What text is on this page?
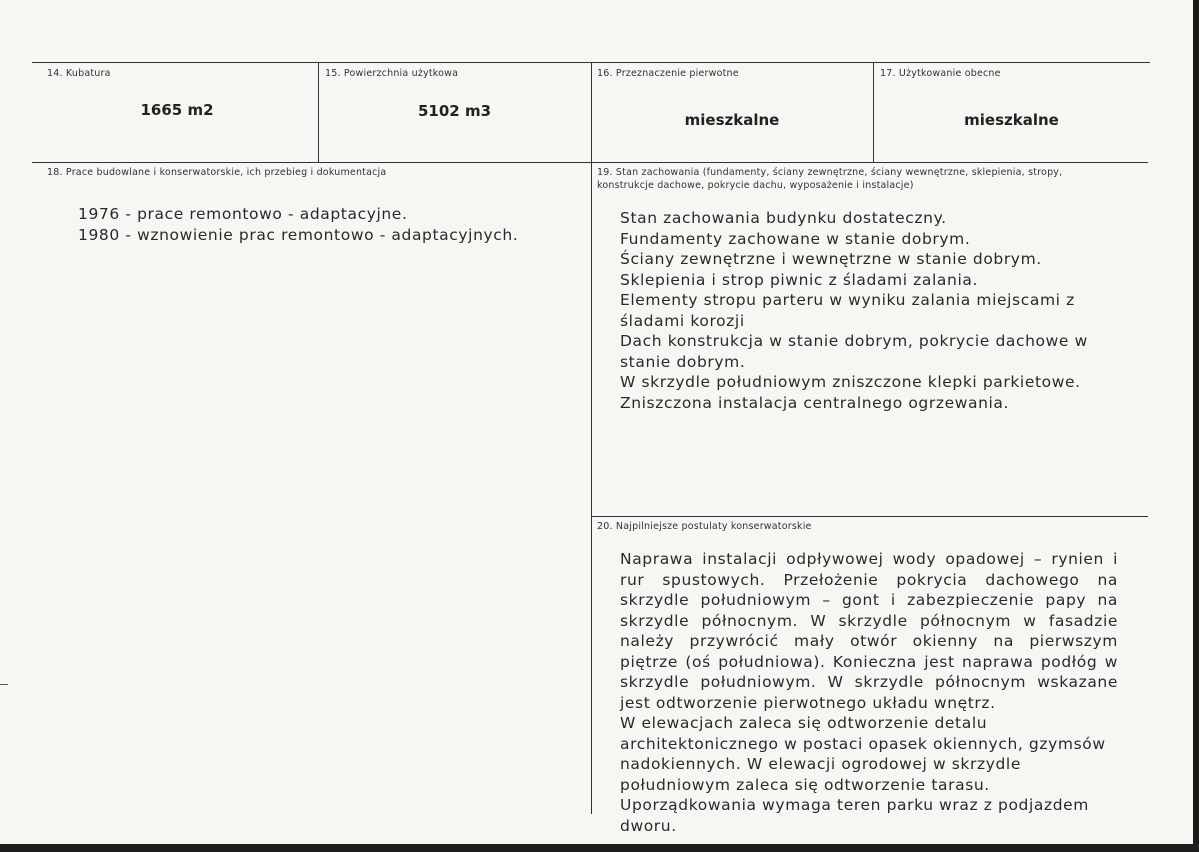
14. Kubatura
1665 m2
15. Powierzchnia użytkowa
5102 m3
16. Przeznaczenie pierwotne
mieszkalne
17. Użytkowanie obecne
mieszkalne
18. Prace budowlane i konserwatorskie, ich przebieg i dokumentacja
1976 - prace remontowo - adaptacyjne.
1980 - wznowienie prac remontowo - adaptacyjnych.
19. Stan zachowania (fundamenty, ściany zewnętrzne, ściany wewnętrzne, sklepienia, stropy,
konstrukcje dachowe, pokrycie dachu, wyposażenie i instalacje)
Stan zachowania budynku dostateczny.
Fundamenty zachowane w stanie dobrym.
Ściany zewnętrzne i wewnętrzne w stanie dobrym.
Sklepienia i strop piwnic z śladami zalania.
Elementy stropu parteru w wyniku zalania miejscami z śladami korozji
Dach konstrukcja w stanie dobrym, pokrycie dachowe w stanie dobrym.
W skrzydle południowym zniszczone klepki parkietowe.
Zniszczona instalacja centralnego ogrzewania.
20. Najpilniejsze postulaty konserwatorskie

Naprawa instalacji odpływowej wody opadowej – rynien i rur spustowych. Przełożenie pokrycia dachowego na skrzydle południowym – gont i zabezpieczenie papy na skrzydle północnym. W skrzydle północnym w fasadzie należy przywrócić mały otwór okienny na pierwszym piętrze (oś południowa). Konieczna jest naprawa podłóg w skrzydle południowym. W skrzydle północnym wskazane jest odtworzenie pierwotnego układu wnętrz.

W elewacjach zaleca się odtworzenie detalu architektonicznego w postaci opasek okiennych, gzymsów nadokiennych. W elewacji ogrodowej w skrzydle południowym zaleca się odtworzenie tarasu.
Uporządkowania wymaga teren parku wraz z podjazdem dworu.
